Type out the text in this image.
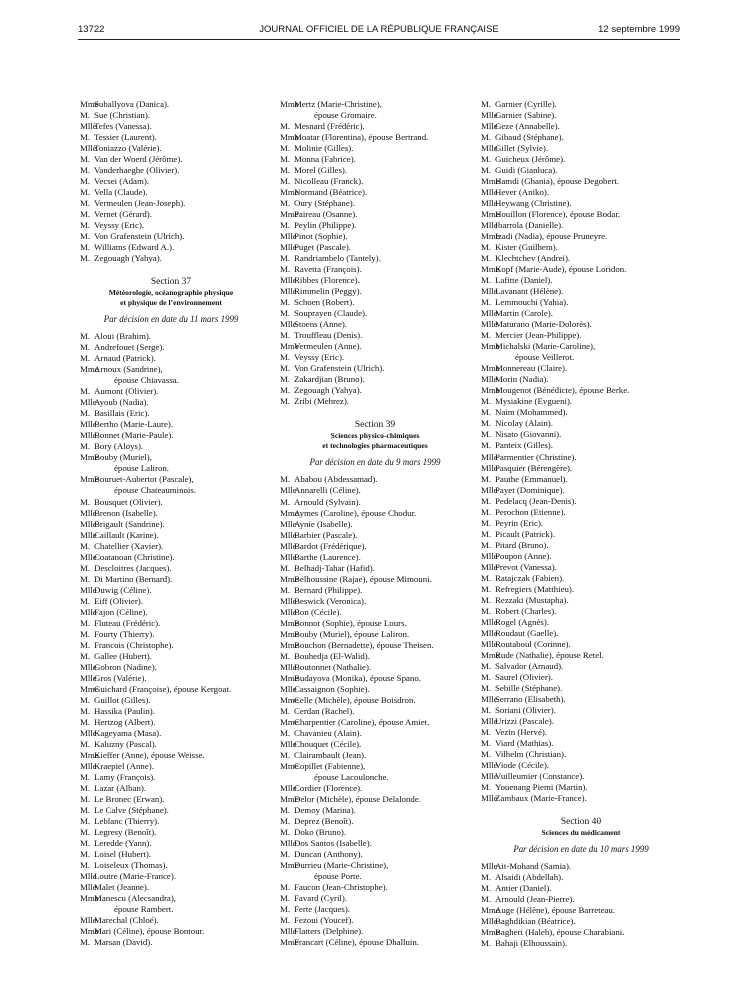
13722	JOURNAL OFFICIEL DE LA RÉPUBLIQUE FRANÇAISE	12 septembre 1999
MmeSuballyova (Danica).
M. Sue (Christian).
MlleTefes (Vanessa).
M. Tessier (Laurent).
MlleToniazzo (Valérie).
M. Van der Woerd (Jérôme).
M. Vanderhaeghe (Olivier).
M. Vecsei (Adam).
M. Vella (Claude).
M. Vermeulen (Jean-Joseph).
M. Vernet (Gérard).
M. Veyssy (Eric).
M. Von Grafenstein (Ulrich).
M. Williams (Edward A.).
M. Zegouagh (Yahya).
Section 37
Météorologie, océanographie physique
et physique de l’environnement
Par décision en date du 11 mars 1999
M. Aloui (Brahim).
M. Andrefouet (Serge).
M. Arnaud (Patrick).
MmeArnoux (Sandrine),
épouse Chiavassa.
M. Aumont (Olivier).
MlleAyoub (Nadia).
M. Basillais (Eric).
MlleBertho (Marie-Laure).
MlleBonnet (Marie-Paule).
M. Bory (Aloys).
MmeBouby (Muriel),
épouse Laliron.
MmeBouruet-Aubertot (Pascale),
épouse Chateauminois.
M. Bousquet (Olivier).
MlleBrenon (Isabelle).
MlleBrigault (Sandrine).
MlleCaillault (Karine).
M. Chatellier (Xavier).
MlleCoatanoan (Christine).
M. Descloitres (Jacques).
M. Di Martino (Bernard).
MlleDuwig (Céline).
M. Eiff (Olivier).
MlleFajon (Céline).
M. Fluteau (Frédéric).
M. Fourty (Thierry).
M. Francois (Christophe).
M. Gallee (Hubert).
MlleGobron (Nadine).
MlleGros (Valérie).
MmeGuichard (Françoise), épouse Kergoat.
M. Guillot (Gilles).
M. Hassika (Paulin).
M. Hertzog (Albert).
MlleKageyama (Masa).
M. Kaluzny (Pascal).
MmeKieffer (Anne), épouse Weisse.
MlleKraepiel (Anne).
M. Lamy (François).
M. Lazar (Alban).
M. Le Bronec (Erwan).
M. Le Calve (Stéphane).
M. Leblanc (Thierry).
M. Legresy (Benoît).
M. Leredde (Yann).
M. Loisel (Hubert).
M. Loiseleux (Thomas).
MlleLoutre (Marie-France).
MlleMalet (Jeanne).
MmeManescu (Alecsandra),
épouse Rambert.
MlleMarechal (Chloé).
MmeMari (Céline), épouse Bontour.
M. Marsan (David).
MmeMertz (Marie-Christine),
épouse Gromaire.
M. Mesnard (Frédéric).
MmeMoatar (Florentina), épouse Bertrand.
M. Molinie (Gilles).
M. Monna (Fabrice).
M. Morel (Gilles).
M. Nicolleau (Franck).
MmeNormand (Béatrice).
M. Oury (Stéphane).
MmePaireau (Osanne).
M. Peylin (Philippe).
MllePinot (Sophie).
MllePuget (Pascale).
M. Randriambelo (Tantely).
M. Ravetta (François).
MlleRibbes (Florence).
MlleRimmelin (Peggy).
M. Schoen (Robert).
M. Souprayen (Claude).
MlleStoens (Anne).
M. Trouffleau (Denis).
MmeVermeulen (Anne).
M. Veyssy (Eric).
M. Von Grafenstein (Ulrich).
M. Zakardjian (Bruno).
M. Zegouagh (Yahya).
M. Zribi (Mehrez).
Section 39
Sciences physico-chimiques
et technologies pharmaceutiques
Par décision en date du 9 mars 1999
M. Ababou (Abdessamad).
MlleAnnarelli (Céline).
M. Arnould (Sylvain).
MmeAymes (Caroline), épouse Chodur.
MlleAynie (Isabelle).
MlleBarbier (Pascale).
MlleBardot (Frédérique).
MlleBarthe (Laurence).
M. Belhadj-Tahar (Hafid).
MmeBelhoussine (Rajae), épouse Mimouni.
M. Bernard (Philippe).
MlleBeswick (Veronica).
MlleBon (Cécile).
MmeBonnot (Sophie), épouse Lours.
MmeBouby (Muriel), épouse Laliron.
MmeBouchon (Bernadette), épouse Theisen.
M. Bouhedja (El-Walid).
MlleBoutonnet (Nathalie).
MmeBudayova (Monika), épouse Spano.
MlleCassaignon (Sophie).
MmeCelle (Michèle), épouse Boisdron.
M. Cerdan (Rachel).
MmeCharpentier (Caroline), épouse Amiet.
M. Chavanieu (Alain).
MlleChouquet (Cécile).
M. Clairambault (Jean).
MmeCopillet (Fabienne),
épouse Lacoulonche.
MlleCordier (Florence).
MmeDelor (Michèle), épouse Delalonde.
M. Demoy (Marina).
M. Deprez (Benoît).
M. Doko (Bruno).
MlleDos Santos (Isabelle).
M. Duncan (Anthony).
MmeDurrieu (Marie-Christine),
épouse Porte.
M. Faucon (Jean-Christophe).
M. Favard (Cyril).
M. Ferte (Jacques).
M. Fezoui (Youcef).
MlleFlatters (Delphine).
MmeFrancart (Céline), épouse Dhalluin.
M. Garnier (Cyrille).
MlleGarnier (Sabine).
MlleGeze (Annabelle).
M. Gibaud (Stéphane).
MlleGillet (Sylvie).
M. Guicheux (Jérôme).
M. Guidi (Gianluca).
MmeHamdi (Ghania), épouse Degobert.
MlleHever (Aniko).
MlleHeywang (Christine).
MmeHouillon (Florence), épouse Bodar.
MlleIbarrola (Danielle).
MmeIzadi (Nadia), épouse Pruneyre.
M. Kister (Guilhem).
M. Klechtchev (Andrei).
MmeKopf (Marie-Aude), épouse Loridon.
M. Lafitte (Daniel).
MlleLavanant (Hélène).
M. Lemmouchi (Yahia).
MlleMartin (Carole).
MlleMaturano (Marie-Dolorès).
M. Mercier (Jean-Philippe).
MmeMichalski (Marie-Caroline),
épouse Veillerot.
MmeMonnereau (Claire).
MlleMorin (Nadia).
MmeMougenot (Bénédicte), épouse Berke.
M. Mysiakine (Evgueni).
M. Naim (Mohammed).
M. Nicolay (Alain).
M. Nisato (Giovanni).
M. Panteix (Gilles).
MlleParmentier (Christine).
MllePasquier (Bérengère).
M. Pauthe (Emmanuel).
MllePayet (Dominique).
M. Pedelacq (Jean-Denis).
M. Perochon (Etienne).
M. Peyrin (Eric).
M. Picault (Patrick).
M. Pitard (Bruno).
MllePoupon (Anne).
MllePrevot (Vanessa).
M. Ratajczak (Fabien).
M. Refregiers (Matthieu).
M. Rezzaki (Mustapha).
M. Robert (Charles).
MlleRogel (Agnès).
MlleRoudaut (Gaelle).
MlleRoutaboul (Corinne).
MmeRude (Nathalie), épouse Retel.
M. Salvador (Arnaud).
M. Saurel (Olivier).
M. Sebille (Stéphane).
MlleSerrano (Elisabeth).
M. Soriani (Olivier).
MlleUrizzi (Pascale).
M. Vezin (Hervé).
M. Viard (Mathias).
M. Vilhelm (Christian).
MlleViode (Cécile).
MlleVuilleumier (Constance).
M. Youenang Piemi (Martin).
MlleZambaux (Marie-France).
Section 40
Sciences du médicament
Par décision en date du 10 mars 1999
MlleAit-Mohand (Samia).
M. Alsaidi (Abdellah).
M. Antier (Daniel).
M. Arnould (Jean-Pierre).
MmeAuge (Hélène), épouse Barreteau.
MlleBaghdikian (Béatrice).
MmeBagheri (Haleh), épouse Charabiani.
M. Bahaji (Elhoussain).
